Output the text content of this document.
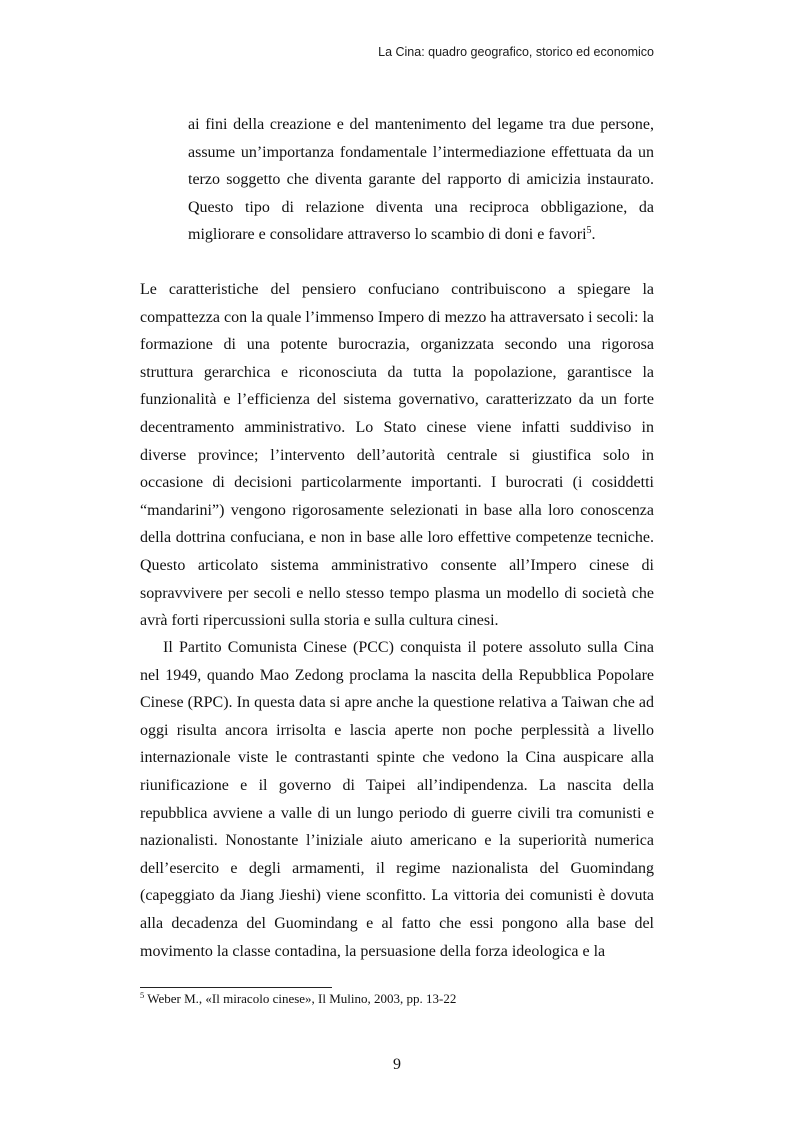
La Cina: quadro geografico, storico ed economico
ai fini della creazione e del mantenimento del legame tra due persone, assume un’importanza fondamentale l’intermediazione effettuata da un terzo soggetto che diventa garante del rapporto di amicizia instaurato. Questo tipo di relazione diventa una reciproca obbligazione, da migliorare e consolidare attraverso lo scambio di doni e favori$^5$.
Le caratteristiche del pensiero confuciano contribuiscono a spiegare la compattezza con la quale l’immenso Impero di mezzo ha attraversato i secoli: la formazione di una potente burocrazia, organizzata secondo una rigorosa struttura gerarchica e riconosciuta da tutta la popolazione, garantisce la funzionalità e l’efficienza del sistema governativo, caratterizzato da un forte decentramento amministrativo. Lo Stato cinese viene infatti suddiviso in diverse province; l’intervento dell’autorità centrale si giustifica solo in occasione di decisioni particolarmente importanti. I burocrati (i cosiddetti “mandarini”) vengono rigorosamente selezionati in base alla loro conoscenza della dottrina confuciana, e non in base alle loro effettive competenze tecniche. Questo articolato sistema amministrativo consente all’Impero cinese di sopravvivere per secoli e nello stesso tempo plasma un modello di società che avrà forti ripercussioni sulla storia e sulla cultura cinesi.
Il Partito Comunista Cinese (PCC) conquista il potere assoluto sulla Cina nel 1949, quando Mao Zedong proclama la nascita della Repubblica Popolare Cinese (RPC). In questa data si apre anche la questione relativa a Taiwan che ad oggi risulta ancora irrisolta e lascia aperte non poche perplessità a livello internazionale viste le contrastanti spinte che vedono la Cina auspicare alla riunificazione e il governo di Taipei all’indipendenza. La nascita della repubblica avviene a valle di un lungo periodo di guerre civili tra comunisti e nazionalisti. Nonostante l’iniziale aiuto americano e la superiorità numerica dell’esercito e degli armamenti, il regime nazionalista del Guomindang (capeggiato da Jiang Jieshi) viene sconfitto. La vittoria dei comunisti è dovuta alla decadenza del Guomindang e al fatto che essi pongono alla base del movimento la classe contadina, la persuasione della forza ideologica e la
$^5$ Weber M., «Il miracolo cinese», Il Mulino, 2003, pp. 13-22
9
